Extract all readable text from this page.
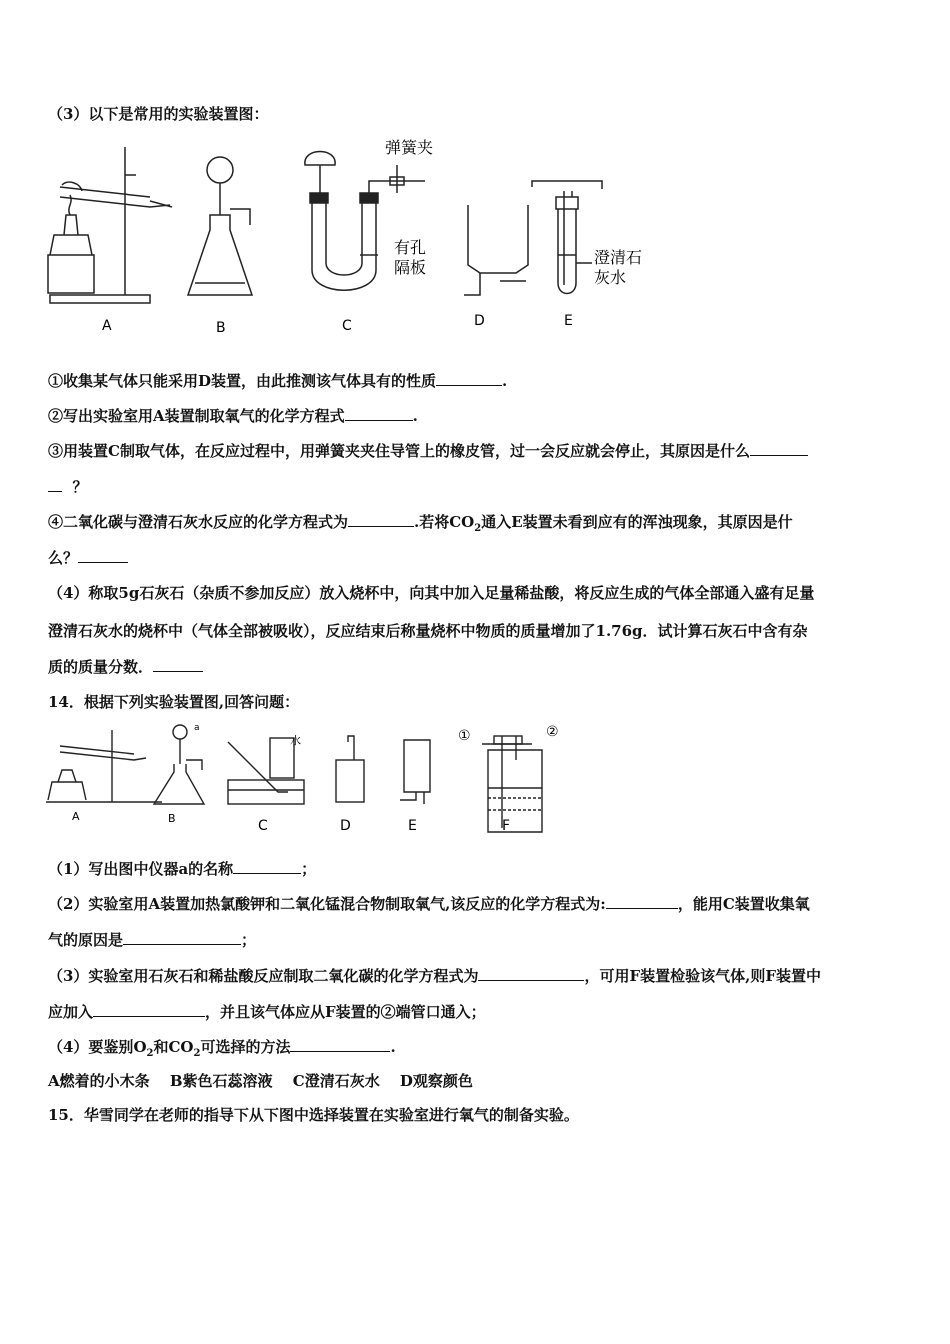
（3）以下是常用的实验装置图：
A	B	C	D	E
弹簧夹
有孔
隔板
澄清石
灰水
①收集某气体只能采用D装置，由此推测该气体具有的性质	.
②写出实验室用A装置制取氧气的化学方程式	.
③用装置C制取气体，在反应过程中，用弹簧夹夹住导管上的橡皮管，过一会反应就会停止，其原因是什么
？
④二氧化碳与澄清石灰水反应的化学方程式为	.若将$CO_2$通入E装置未看到应有的浑浊现象，其原因是什
么？
（4）称取5g石灰石（杂质不参加反应）放入烧杯中，向其中加入足量稀盐酸，将反应生成的气体全部通入盛有足量
澄清石灰水的烧杯中（气体全部被吸收），反应结束后称量烧杯中物质的质量增加了1.76g．试计算石灰石中含有杂
质的质量分数．
14．根据下列实验装置图,回答问题：
A	B	C	D	E	F
水
a	①	②
（1）写出图中仪器a的名称	；
（2）实验室用A装置加热氯酸钾和二氧化锰混合物制取氧气,该反应的化学方程式为:	，能用C装置收集氧
气的原因是	；
（3）实验室用石灰石和稀盐酸反应制取二氧化碳的化学方程式为	，可用F装置检验该气体,则F装置中
应加入	，并且该气体应从F装置的②端管口通入；
（4）要鉴别$O_2$和$CO_2$可选择的方法	.
A燃着的小木条　 B紫色石蕊溶液　 C澄清石灰水　 D观察颜色
15．华雪同学在老师的指导下从下图中选择装置在实验室进行氧气的制备实验。
